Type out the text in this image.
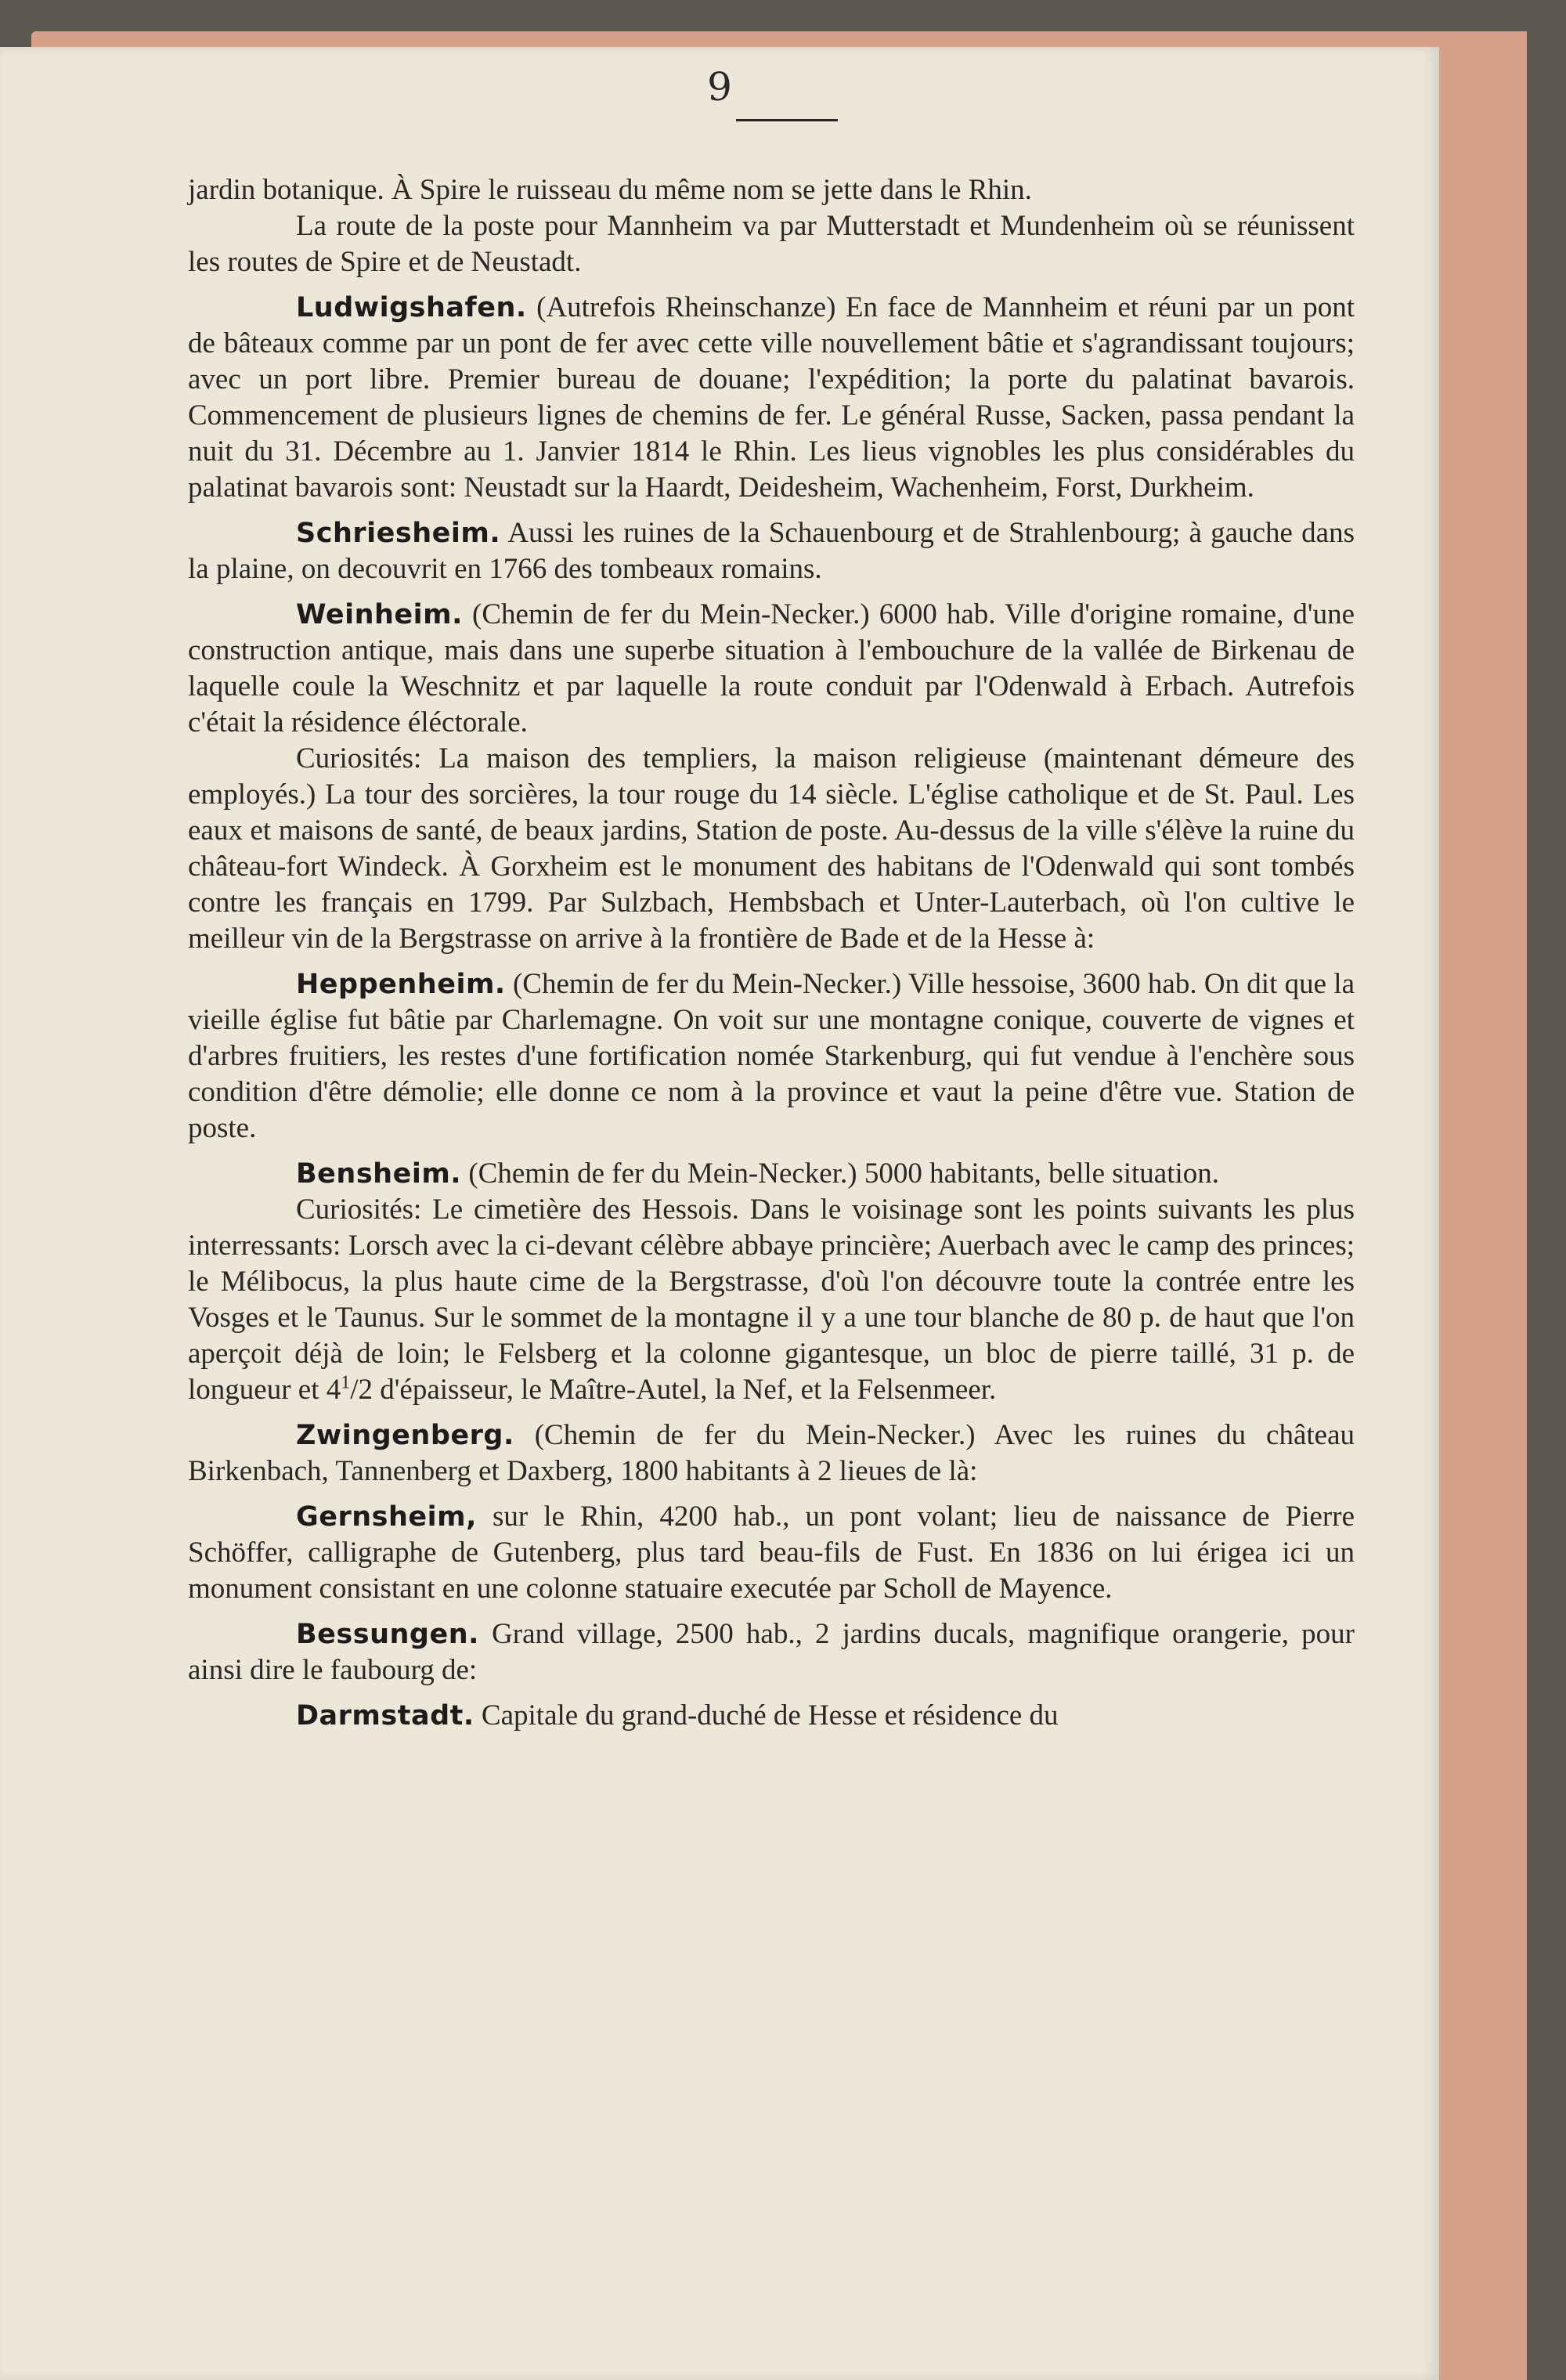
9

jardin botanique. À Spire le ruisseau du même nom se jette dans le Rhin.

La route de la poste pour Mannheim va par Mutterstadt et Mundenheim où se réunissent les routes de Spire et de Neustadt.

Ludwigshafen. (Autrefois Rheinschanze) En face de Mannheim et réuni par un pont de bâteaux comme par un pont de fer avec cette ville nouvellement bâtie et s'agrandissant toujours; avec un port libre. Premier bureau de douane; l'expédition; la porte du palatinat bavarois. Commencement de plusieurs lignes de chemins de fer. Le général Russe, Sacken, passa pendant la nuit du 31. Décembre au 1. Janvier 1814 le Rhin. Les lieus vignobles les plus considérables du palatinat bavarois sont: Neustadt sur la Haardt, Deidesheim, Wachenheim, Forst, Durkheim.

Schriesheim. Aussi les ruines de la Schauenbourg et de Strahlenbourg; à gauche dans la plaine, on decouvrit en 1766 des tombeaux romains.

Weinheim. (Chemin de fer du Mein-Necker.) 6000 hab. Ville d'origine romaine, d'une construction antique, mais dans une superbe situation à l'embouchure de la vallée de Birkenau de laquelle coule la Weschnitz et par laquelle la route conduit par l'Odenwald à Erbach. Autrefois c'était la résidence éléctorale.

Curiosités: La maison des templiers, la maison religieuse (maintenant démeure des employés.) La tour des sorcières, la tour rouge du 14 siècle. L'église catholique et de St. Paul. Les eaux et maisons de santé, de beaux jardins, Station de poste. Au-dessus de la ville s'élève la ruine du château-fort Windeck. À Gorxheim est le monument des habitans de l'Odenwald qui sont tombés contre les français en 1799. Par Sulzbach, Hembsbach et Unter-Lauterbach, où l'on cultive le meilleur vin de la Bergstrasse on arrive à la frontière de Bade et de la Hesse à:

Heppenheim. (Chemin de fer du Mein-Necker.) Ville hessoise, 3600 hab. On dit que la vieille église fut bâtie par Charlemagne. On voit sur une montagne conique, couverte de vignes et d'arbres fruitiers, les restes d'une fortification nomée Starkenburg, qui fut vendue à l'enchère sous condition d'être démolie; elle donne ce nom à la province et vaut la peine d'être vue. Station de poste.

Bensheim. (Chemin de fer du Mein-Necker.) 5000 habitants, belle situation.

Curiosités: Le cimetière des Hessois. Dans le voisinage sont les points suivants les plus interressants: Lorsch avec la ci-devant célèbre abbaye princière; Auerbach avec le camp des princes; le Mélibocus, la plus haute cime de la Bergstrasse, d'où l'on découvre toute la contrée entre les Vosges et le Taunus. Sur le sommet de la montagne il y a une tour blanche de 80 p. de haut que l'on aperçoit déjà de loin; le Felsberg et la colonne gigantesque, un bloc de pierre taillé, 31 p. de longueur et $4^1/2$ d'épaisseur, le Maître-Autel, la Nef, et la Felsenmeer.

Zwingenberg. (Chemin de fer du Mein-Necker.) Avec les ruines du château Birkenbach, Tannenberg et Daxberg, 1800 habitants à 2 lieues de là:

Gernsheim, sur le Rhin, 4200 hab., un pont volant; lieu de naissance de Pierre Schöffer, calligraphe de Gutenberg, plus tard beau-fils de Fust. En 1836 on lui érigea ici un monument consistant en une colonne statuaire executée par Scholl de Mayence.

Bessungen. Grand village, 2500 hab., 2 jardins ducals, magnifique orangerie, pour ainsi dire le faubourg de:

Darmstadt. Capitale du grand-duché de Hesse et résidence du
